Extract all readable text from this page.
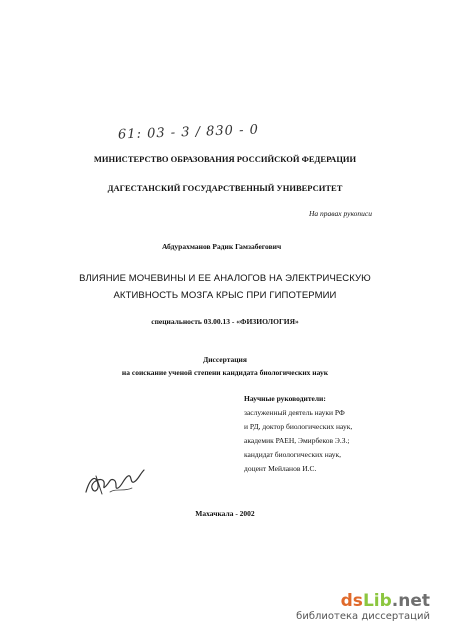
61: 03 - 3 / 830 - 0
МИНИСТЕРСТВО ОБРАЗОВАНИЯ РОССИЙСКОЙ ФЕДЕРАЦИИ
ДАГЕСТАНСКИЙ ГОСУДАРСТВЕННЫЙ УНИВЕРСИТЕТ
На правах рукописи
Абдурахманов Радик Гамзабегович
ВЛИЯНИЕ МОЧЕВИНЫ И ЕЕ АНАЛОГОВ НА ЭЛЕКТРИЧЕСКУЮ
АКТИВНОСТЬ МОЗГА КРЫС ПРИ ГИПОТЕРМИИ
специальность 03.00.13 - «ФИЗИОЛОГИЯ»
Диссертация
на соискание ученой степени кандидата биологических наук
Научные руководители:
заслуженный деятель науки РФ
и РД, доктор биологических наук,
академик РАЕН, Эмирбеков Э.З.;
кандидат биологических наук,
доцент Мейланов И.С.
Махачкала - 2002
dsLib.net
библиотека диссертаций
